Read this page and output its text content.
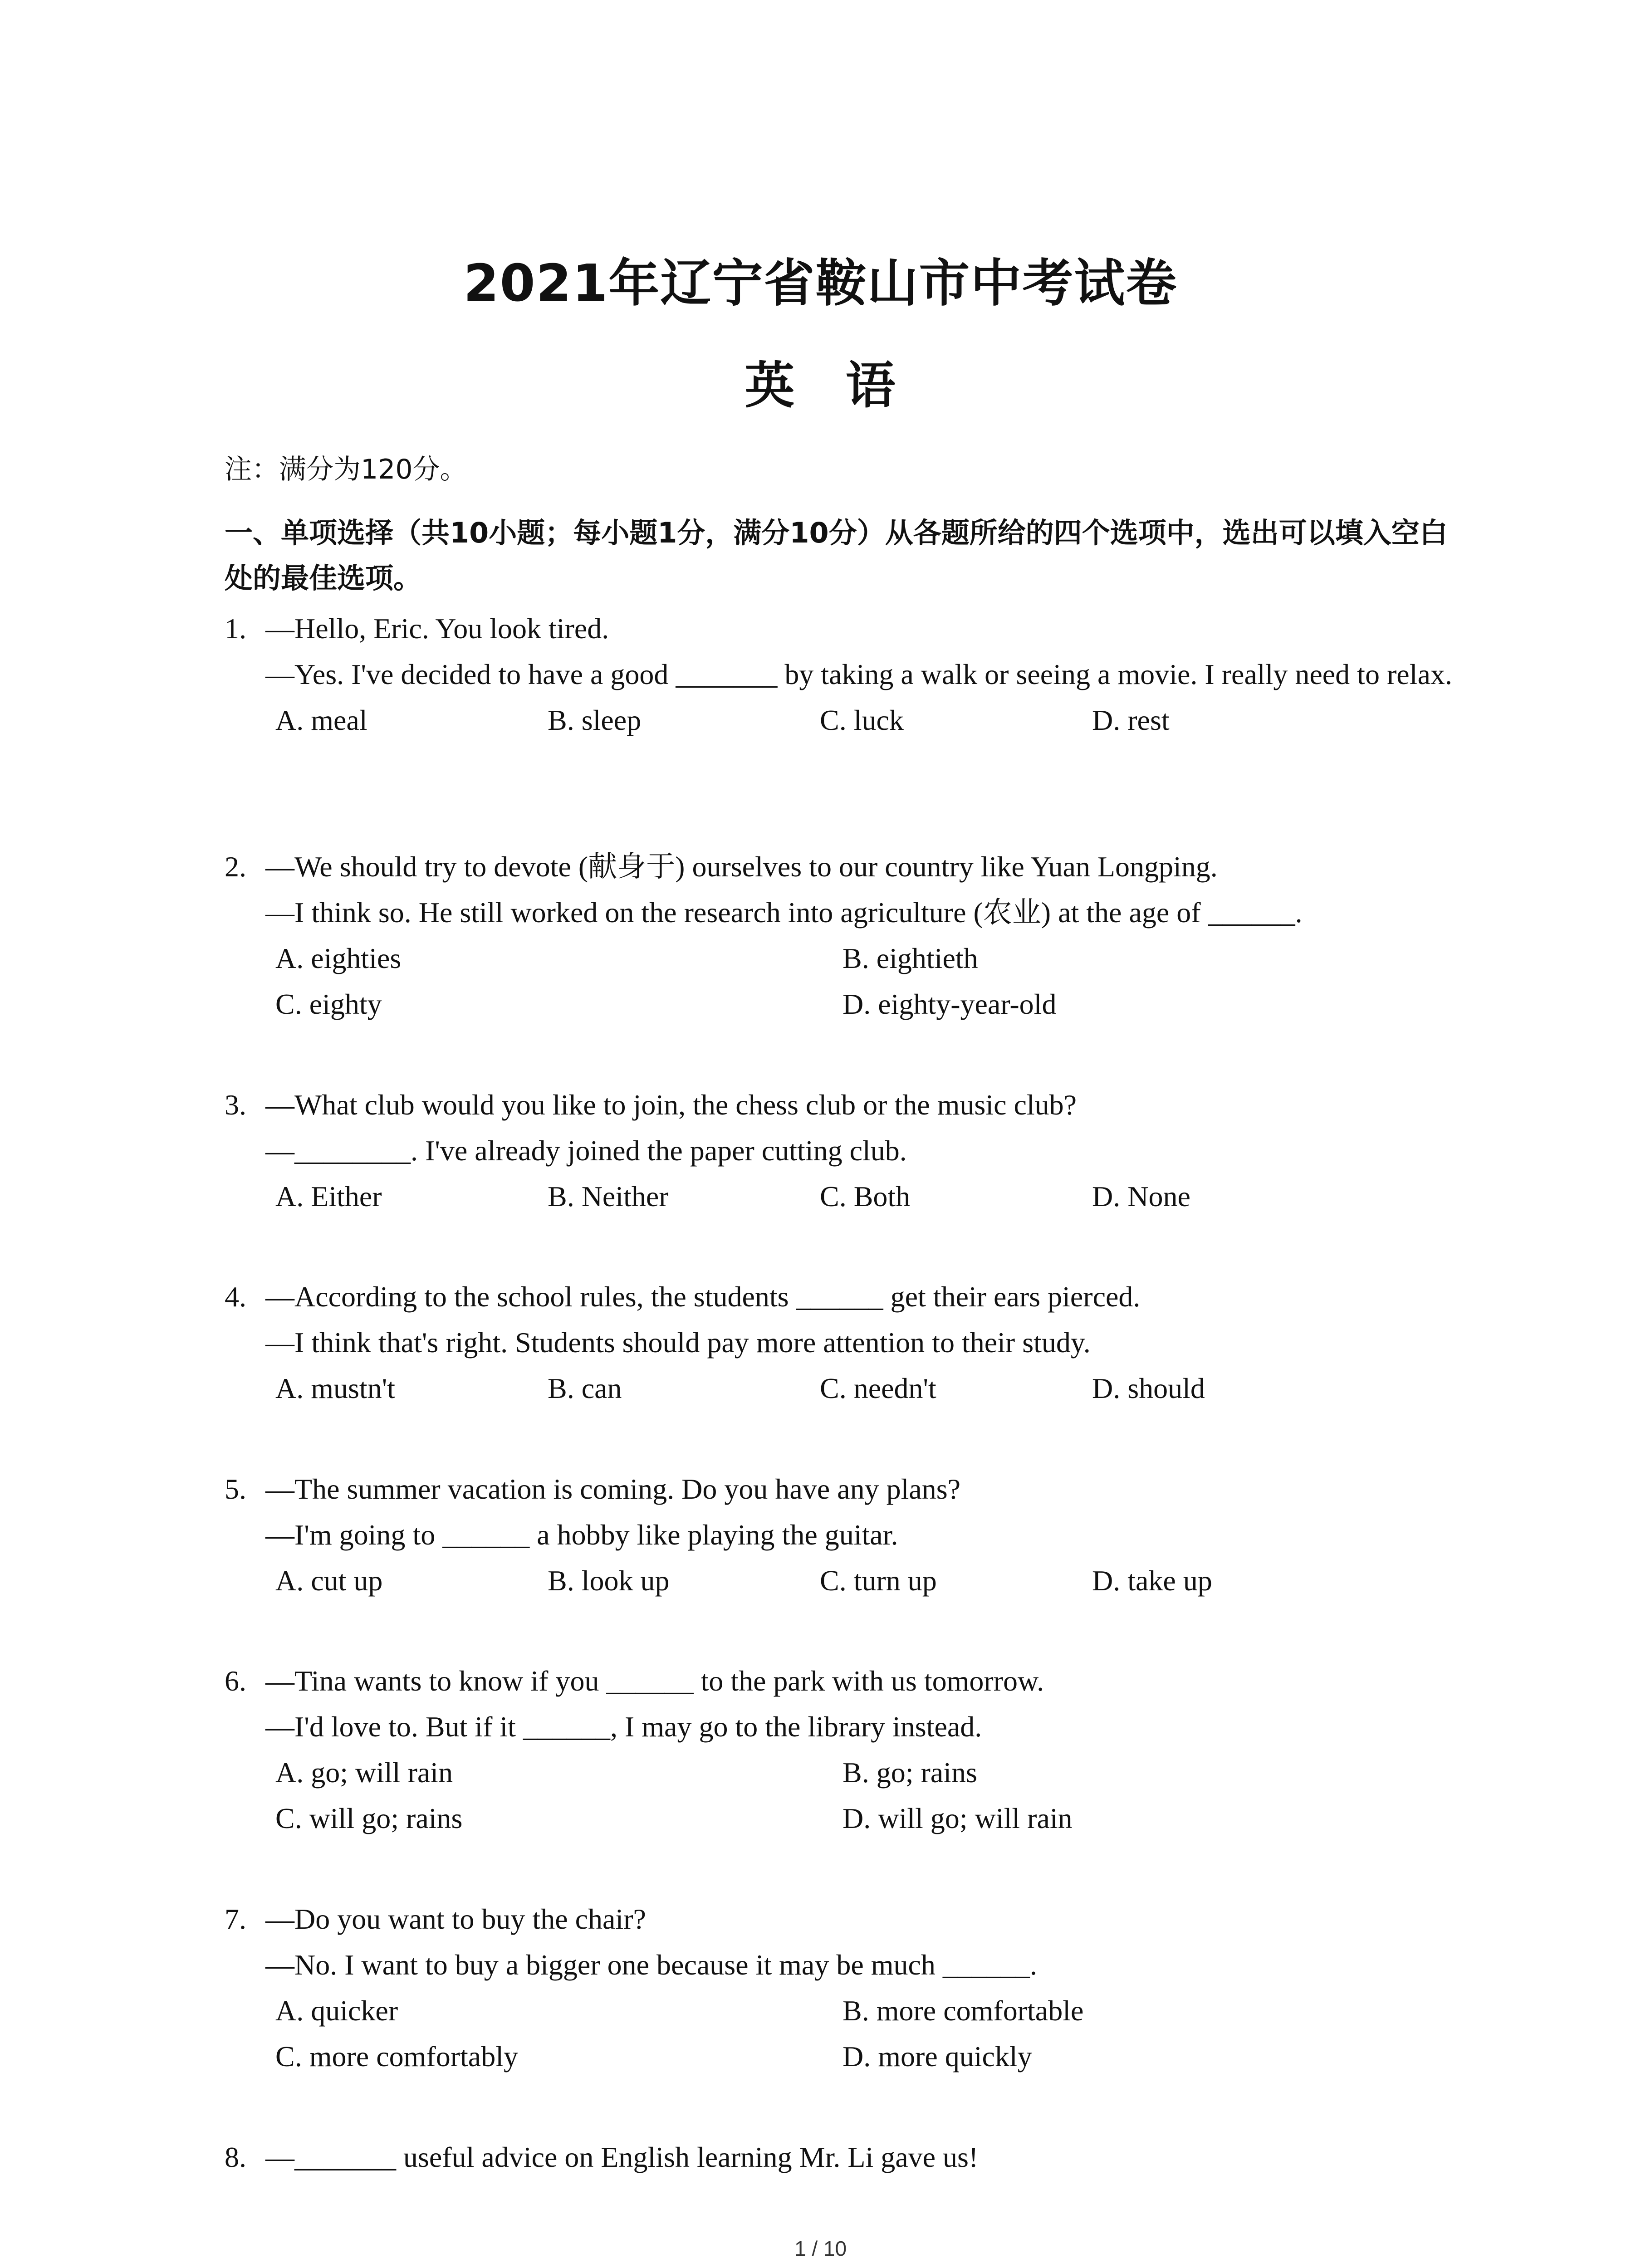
2021年辽宁省鞍山市中考试卷
英 语
注：满分为120分。
一、单项选择（共10小题；每小题1分，满分10分）从各题所给的四个选项中，选出可以填入空白处的最佳选项。
1. —Hello, Eric. You look tired.
—Yes. I've decided to have a good _______ by taking a walk or seeing a movie. I really need to relax.
A. meal	B. sleep	C. luck	D. rest
2. —We should try to devote (献身于) ourselves to our country like Yuan Longping.
—I think so. He still worked on the research into agriculture (农业) at the age of ______.
A. eighties	B. eightieth
C. eighty	D. eighty-year-old
3. —What club would you like to join, the chess club or the music club?
—________. I've already joined the paper cutting club.
A. Either	B. Neither	C. Both	D. None
4. —According to the school rules, the students ______ get their ears pierced.
—I think that's right. Students should pay more attention to their study.
A. mustn't	B. can	C. needn't	D. should
5. —The summer vacation is coming. Do you have any plans?
—I'm going to ______ a hobby like playing the guitar.
A. cut up	B. look up	C. turn up	D. take up
6. —Tina wants to know if you ______ to the park with us tomorrow.
—I'd love to. But if it ______, I may go to the library instead.
A. go; will rain	B. go; rains
C. will go; rains	D. will go; will rain
7. —Do you want to buy the chair?
—No. I want to buy a bigger one because it may be much ______.
A. quicker	B. more comfortable
C. more comfortably	D. more quickly
8. —_______ useful advice on English learning Mr. Li gave us!
1 / 10
